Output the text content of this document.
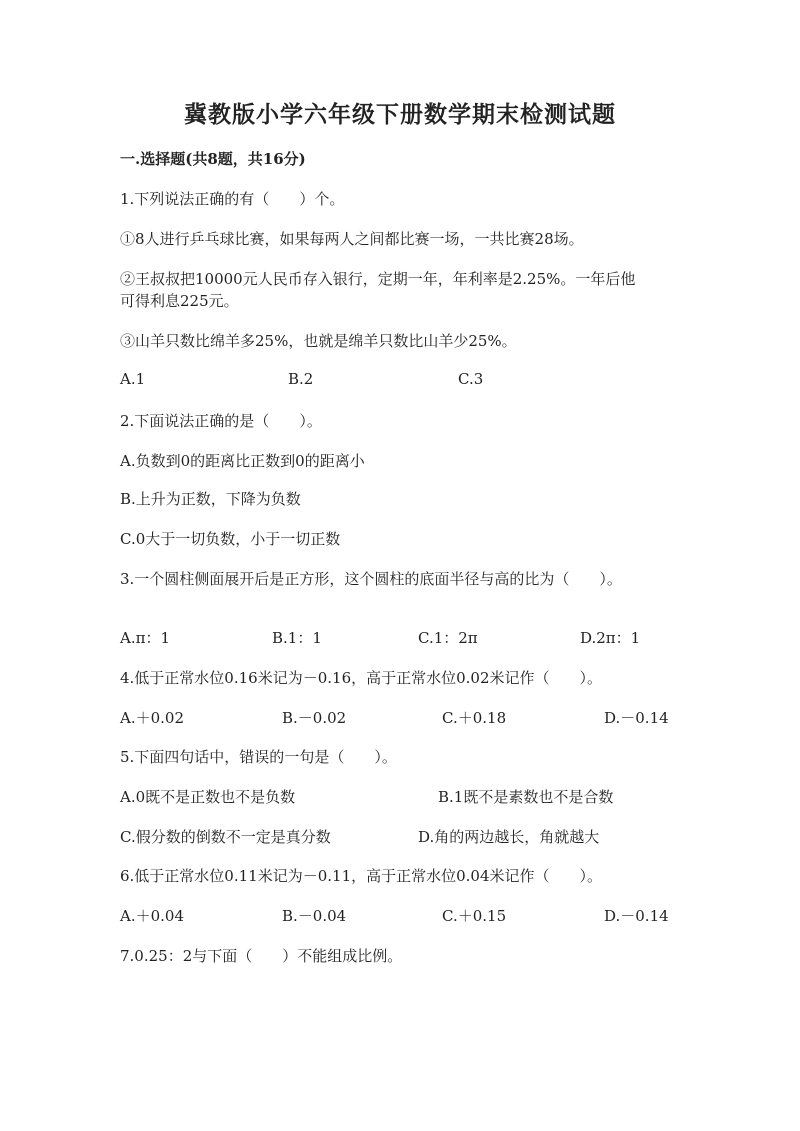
冀教版小学六年级下册数学期末检测试题
一.选择题(共8题，共16分)
1.下列说法正确的有（　　）个。
①8人进行乒乓球比赛，如果每两人之间都比赛一场，一共比赛28场。
②王叔叔把10000元人民币存入银行，定期一年，年利率是2.25%。一年后他
可得利息225元。
③山羊只数比绵羊多25%，也就是绵羊只数比山羊少25%。
A.1	B.2	C.3
2.下面说法正确的是（　　）。
A.负数到0的距离比正数到0的距离小
B.上升为正数，下降为负数
C.0大于一切负数，小于一切正数
3.一个圆柱侧面展开后是正方形，这个圆柱的底面半径与高的比为（　　）。
A.π：1	B.1：1	C.1：2π	D.2π：1
4.低于正常水位0.16米记为－0.16，高于正常水位0.02米记作（　　）。
A.＋0.02	B.－0.02	C.＋0.18	D.－0.14
5.下面四句话中，错误的一句是（　　）。
A.0既不是正数也不是负数	B.1既不是素数也不是合数
C.假分数的倒数不一定是真分数	D.角的两边越长，角就越大
6.低于正常水位0.11米记为－0.11，高于正常水位0.04米记作（　　）。
A.＋0.04	B.－0.04	C.＋0.15	D.－0.14
7.0.25：2与下面（　　）不能组成比例。
